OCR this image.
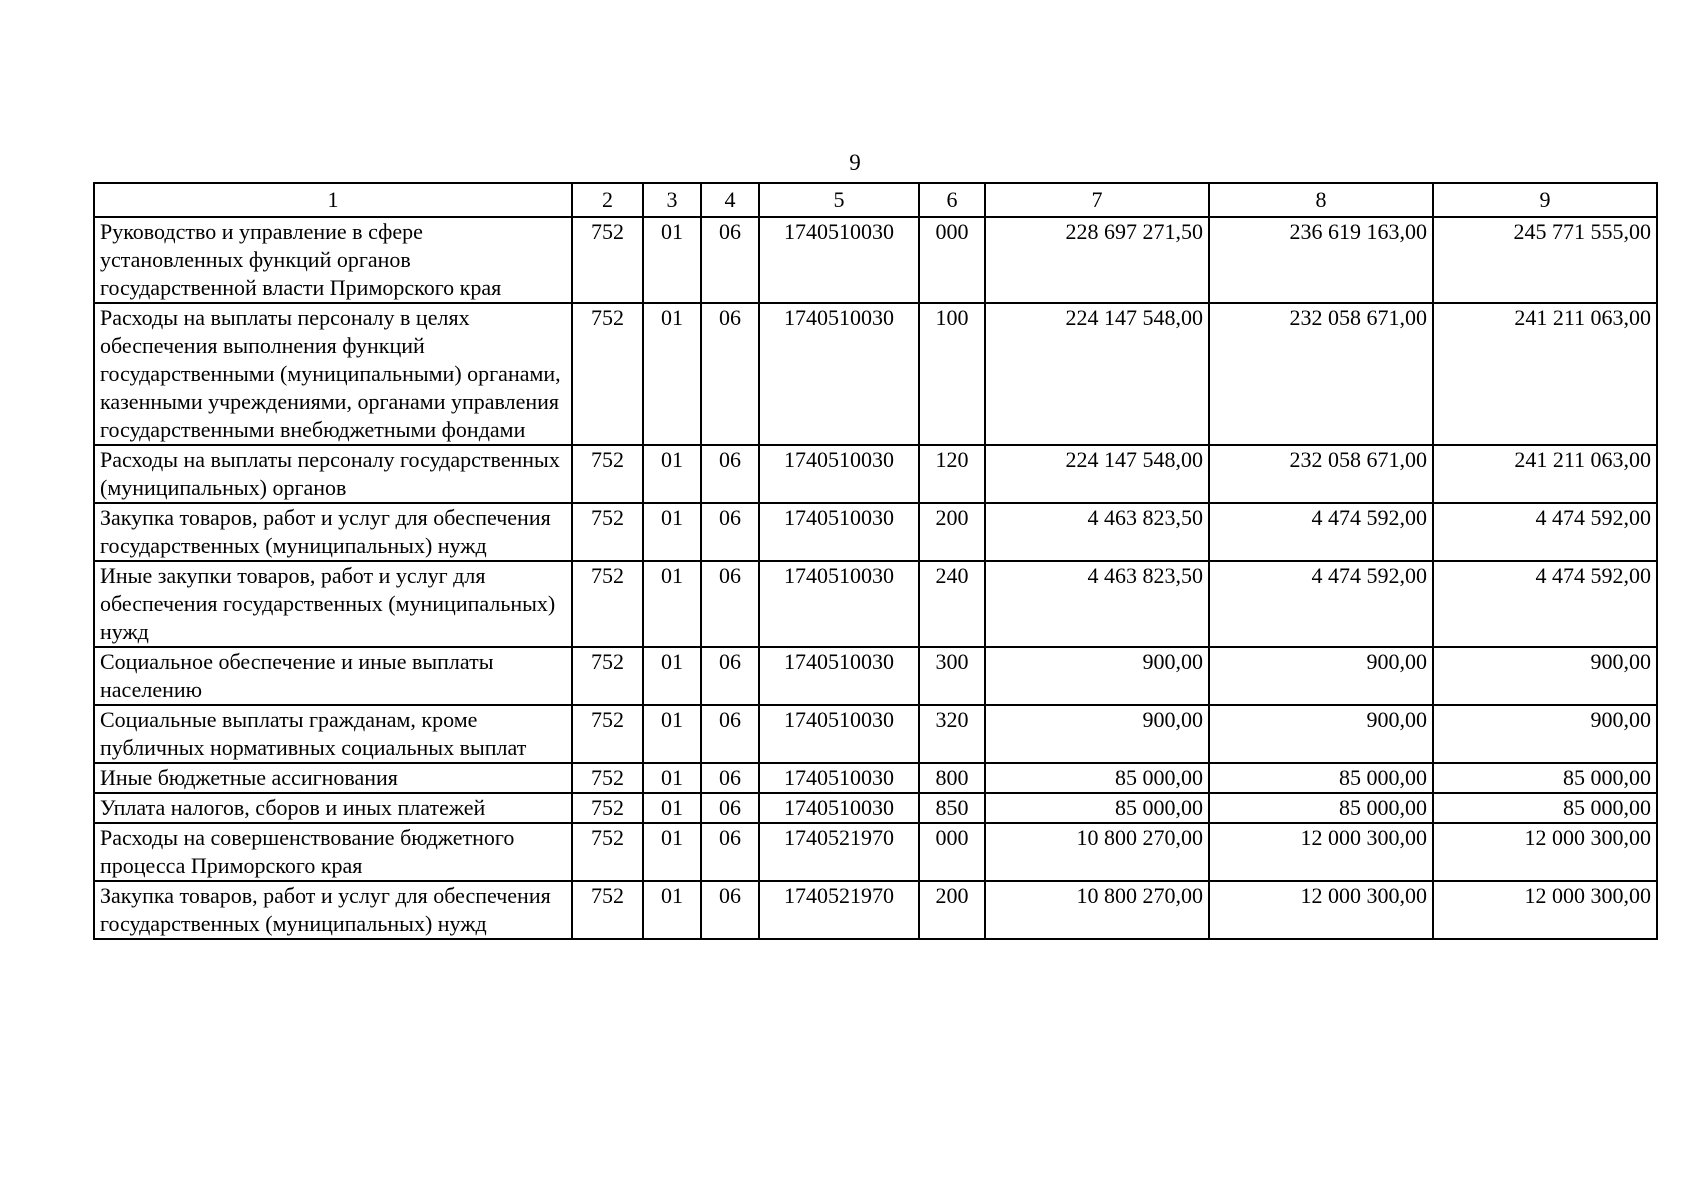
9
1	2	3	4	5	6	7	8	9
Руководство и управление в сфере установленных функций органов государственной власти Приморского края	752	01	06	1740510030	000	228 697 271,50	236 619 163,00	245 771 555,00
Расходы на выплаты персоналу в целях обеспечения выполнения функций государственными (муниципальными) органами, казенными учреждениями, органами управления государственными внебюджетными фондами	752	01	06	1740510030	100	224 147 548,00	232 058 671,00	241 211 063,00
Расходы на выплаты персоналу государственных (муниципальных) органов	752	01	06	1740510030	120	224 147 548,00	232 058 671,00	241 211 063,00
Закупка товаров, работ и услуг для обеспечения государственных (муниципальных) нужд	752	01	06	1740510030	200	4 463 823,50	4 474 592,00	4 474 592,00
Иные закупки товаров, работ и услуг для обеспечения государственных (муниципальных) нужд	752	01	06	1740510030	240	4 463 823,50	4 474 592,00	4 474 592,00
Социальное обеспечение и иные выплаты населению	752	01	06	1740510030	300	900,00	900,00	900,00
Социальные выплаты гражданам, кроме публичных нормативных социальных выплат	752	01	06	1740510030	320	900,00	900,00	900,00
Иные бюджетные ассигнования	752	01	06	1740510030	800	85 000,00	85 000,00	85 000,00
Уплата налогов, сборов и иных платежей	752	01	06	1740510030	850	85 000,00	85 000,00	85 000,00
Расходы на совершенствование бюджетного процесса Приморского края	752	01	06	1740521970	000	10 800 270,00	12 000 300,00	12 000 300,00
Закупка товаров, работ и услуг для обеспечения государственных (муниципальных) нужд	752	01	06	1740521970	200	10 800 270,00	12 000 300,00	12 000 300,00
